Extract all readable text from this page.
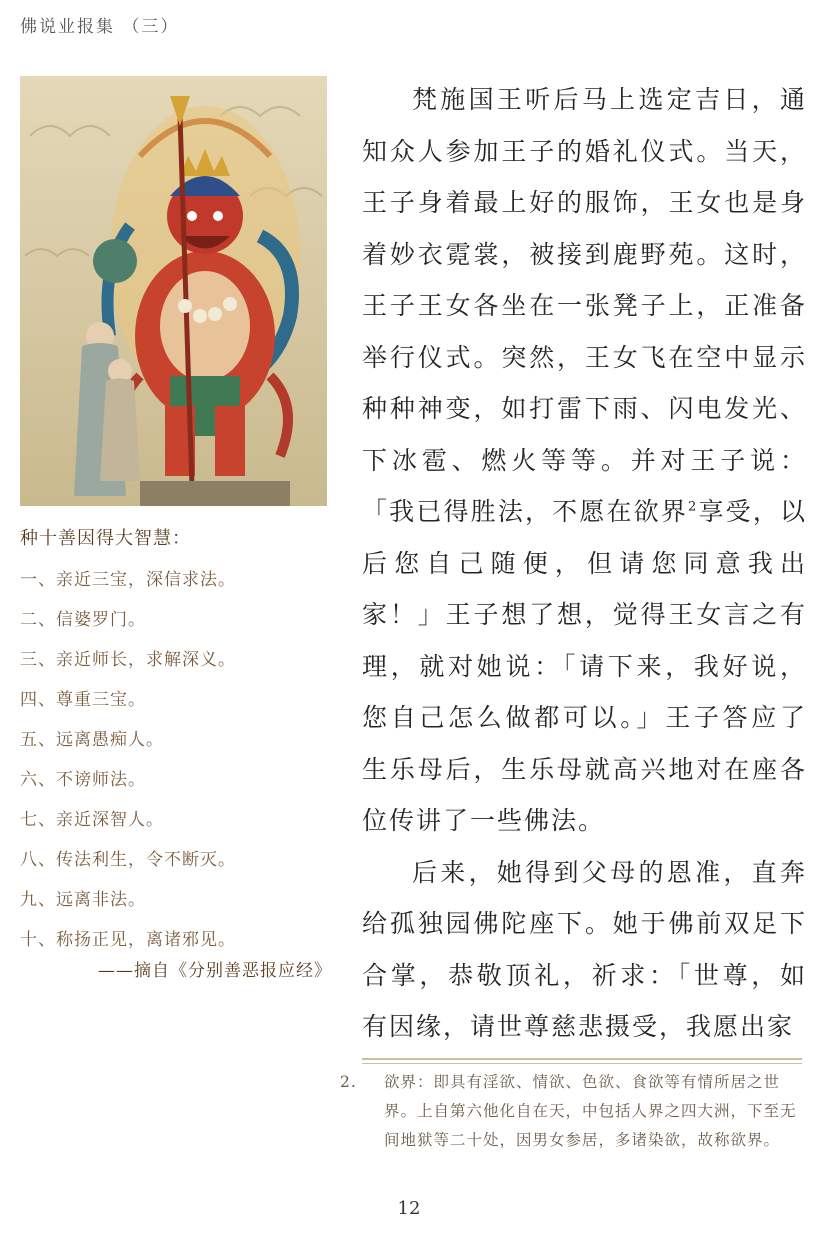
佛说业报集 （三）
种十善因得大智慧：
一、亲近三宝，深信求法。
二、信婆罗门。
三、亲近师长，求解深义。
四、尊重三宝。
五、远离愚痴人。
六、不谤师法。
七、亲近深智人。
八、传法利生，令不断灭。
九、远离非法。
十、称扬正见，离诸邪见。
——摘自《分别善恶报应经》

梵施国王听后马上选定吉日，通知众人参加王子的婚礼仪式。当天，王子身着最上好的服饰，王女也是身着妙衣霓裳，被接到鹿野苑。这时，王子王女各坐在一张凳子上，正准备举行仪式。突然，王女飞在空中显示种种神变，如打雷下雨、闪电发光、下冰雹、燃火等等。并对王子说：「我已得胜法，不愿在欲界$^2$享受，以后您自己随便，但请您同意我出家！」王子想了想，觉得王女言之有理，就对她说：「请下来，我好说，您自己怎么做都可以。」王子答应了生乐母后，生乐母就高兴地对在座各位传讲了一些佛法。

后来，她得到父母的恩准，直奔给孤独园佛陀座下。她于佛前双足下合掌，恭敬顶礼，祈求：「世尊，如有因缘，请世尊慈悲摄受，我愿出家

2. 欲界：即具有淫欲、情欲、色欲、食欲等有情所居之世界。上自第六他化自在天，中包括人界之四大洲，下至无间地狱等二十处，因男女参居，多诸染欲，故称欲界。
12
